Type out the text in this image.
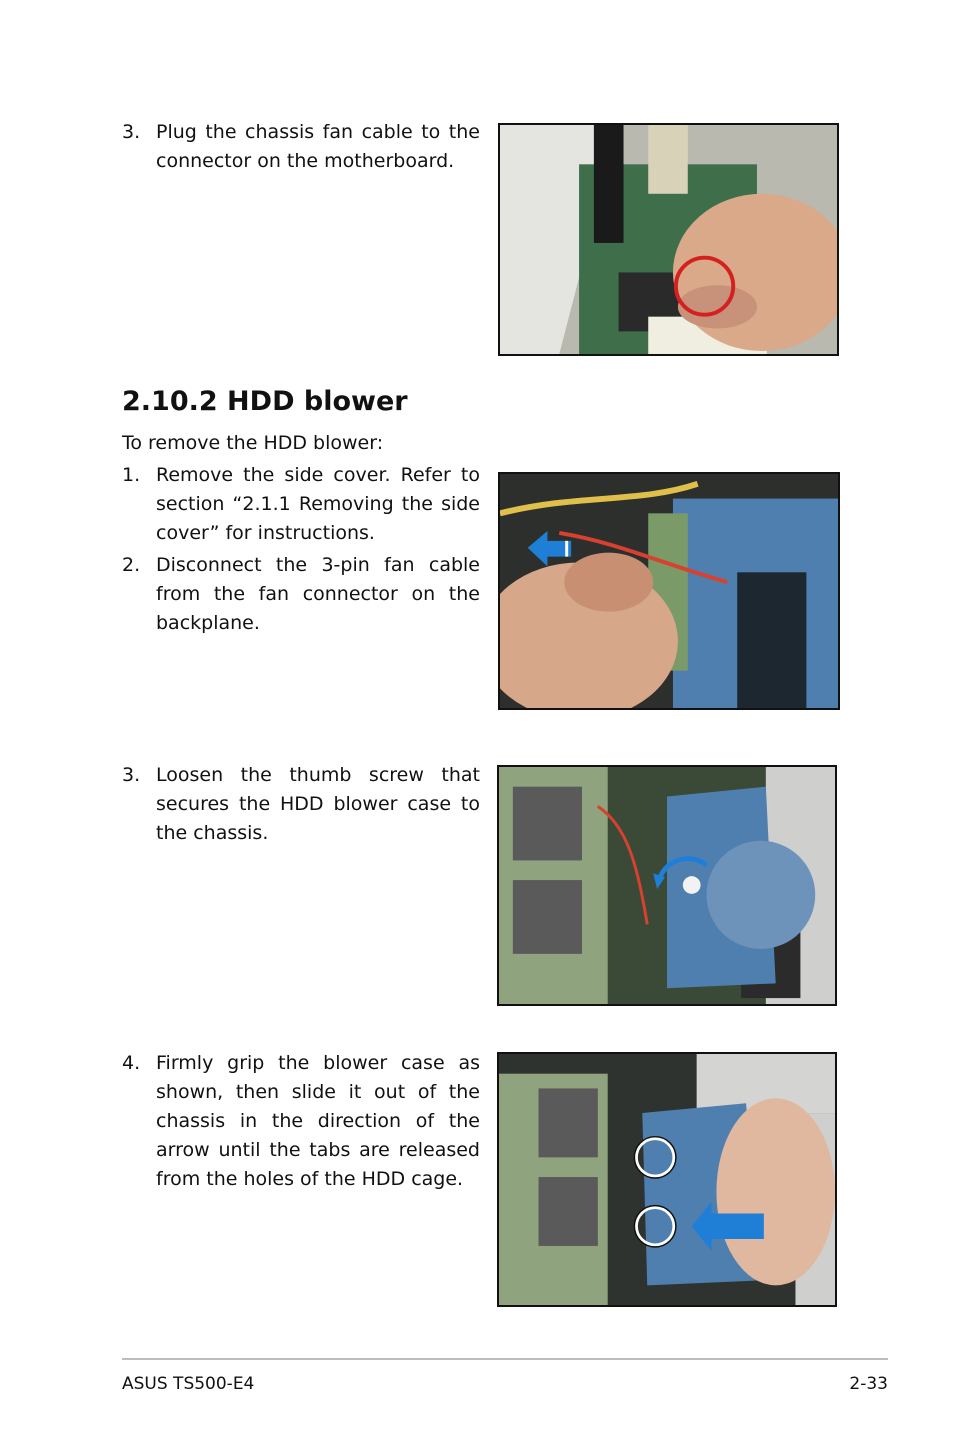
3. Plug the chassis fan cable to the connector on the motherboard.
2.10.2 HDD blower
To remove the HDD blower:
1. Remove the side cover. Refer to section “2.1.1 Removing the side cover” for instructions.
2. Disconnect the 3-pin fan cable from the fan connector on the backplane.
3. Loosen the thumb screw that secures the HDD blower case to the chassis.
4. Firmly grip the blower case as shown, then slide it out of the chassis in the direction of the arrow until the tabs are released from the holes of the HDD cage.
ASUS TS500-E4	2-33
